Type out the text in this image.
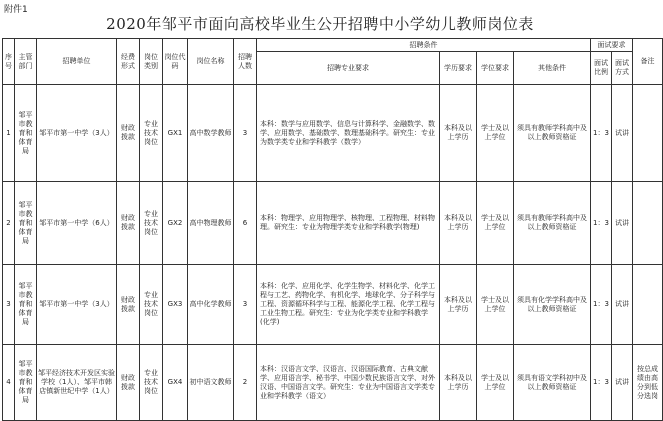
附件1
2020年邹平市面向高校毕业生公开招聘中小学幼儿教师岗位表
序号	主管部门	招聘单位	经费形式	岗位类别	岗位代码	岗位名称	招聘人数	招聘条件				面试要求		备注
								招聘专业要求	学历要求	学位要求	其他条件	面试比例	面试方式	
1	邹平市教育和体育局	邹平市第一中学（3人）	财政拨款	专业技术岗位	GX1	高中数学教师	3	本科：数学与应用数学、信息与计算科学、金融数学、数学、应用数学、基础数学、数理基础科学。研究生：专业为数学类专业和学科教学（数学）	本科及以上学历	学士及以上学位	须具有教师学科高中及以上教师资格证	1：3	试讲	
2	邹平市教育和体育局	邹平市第一中学（6人）	财政拨款	专业技术岗位	GX2	高中物理教师	6	本科：物理学、应用物理学、核物理、工程物理、材料物理。研究生：专业为物理学类专业和学科教学(物理)	本科及以上学历	学士及以上学位	须具有教师学科高中及以上教师资格证	1：3	试讲	
3	邹平市教育和体育局	邹平市第一中学（3人）	财政拨款	专业技术岗位	GX3	高中化学教师	3	本科：化学、应用化学、化学生物学、材料化学、化学工程与工艺、药物化学、有机化学、地球化学、分子科学与工程、资源循环科学与工程、能源化学工程、化学工程与工业生物工程。研究生：专业为化学类专业和学科教学(化学)	本科及以上学历	学士及以上学位	须具有化学学科高中及以上教师资格证	1：3	试讲	
4	邹平市教育和体育局	邹平经济技术开发区实验学校（1人）、邹平市韩店镇新世纪中学（1人）	财政拨款	专业技术岗位	GX4	初中语文教师	2	本科：汉语言文学、汉语言、汉语国际教育、古典文献学、应用语言学、秘书学、中国少数民族语言文学、对外汉语、中国语言文学。研究生：专业为中国语言文学类专业和学科教学（语文）	本科及以上学历	学士及以上学位	须具有语文学科初中及以上教师资格证	1：3	试讲	按总成绩由高分到低分选岗
